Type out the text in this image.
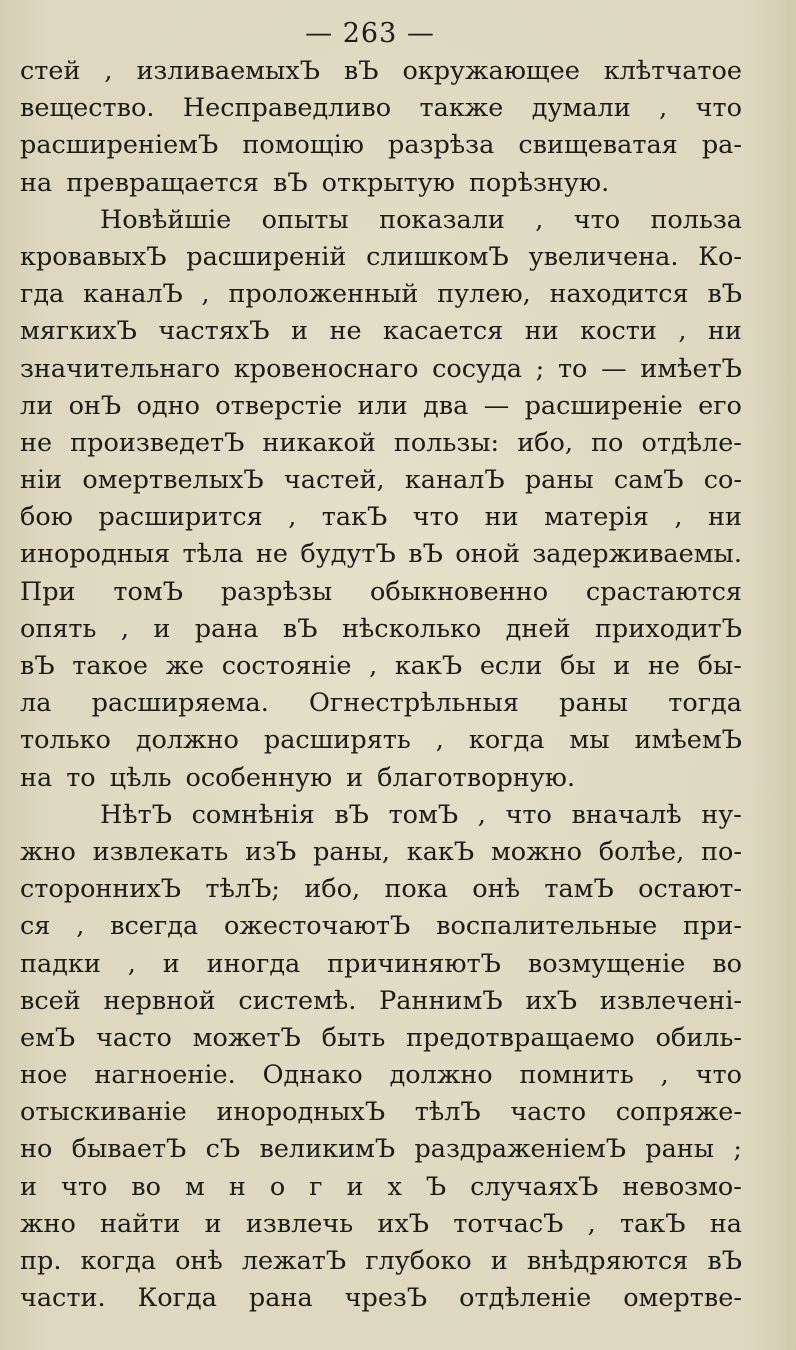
— 263 —
стей , изливаемыхЪ вЪ окружающее клѣтчатое
вещество. Несправедливо также думали , что
расширеніемЪ помощію разрѣза свищеватая ра-
на превращается вЪ открытую порѣзную.
Новѣйшіе опыты показали , что польза
кровавыхЪ расширеній слишкомЪ увеличена. Ко-
гда каналЪ , проложенный пулею, находится вЪ
мягкихЪ частяхЪ и не касается ни кости , ни
значительнаго кровеноснаго сосуда ; то — имѣетЪ
ли онЪ одно отверстіе или два — расширеніе его
не произведетЪ никакой пользы: ибо, по отдѣле-
ніи омертвелыхЪ частей, каналЪ раны самЪ со-
бою расширится , такЪ что ни матерія , ни
инородныя тѣла не будутЪ вЪ оной задерживаемы.
При томЪ разрѣзы обыкновенно срастаются
опять , и рана вЪ нѣсколько дней приходитЪ
вЪ такое же состояніе , какЪ если бы и не бы-
ла расширяема. Огнестрѣльныя раны тогда
только должно расширять , когда мы имѣемЪ
на то цѣль особенную и благотворную.
НѣтЪ сомнѣнія вЪ томЪ , что вначалѣ ну-
жно извлекать изЪ раны, какЪ можно болѣе, по-
стороннихЪ тѣлЪ; ибо, пока онѣ тамЪ остают-
ся , всегда ожесточаютЪ воспалительные при-
падки , и иногда причиняютЪ возмущеніе во
всей нервной системѣ. РаннимЪ ихЪ извлечені-
емЪ часто можетЪ быть предотвращаемо обиль-
ное нагноеніе. Однако должно помнить , что
отыскиваніе инородныхЪ тѣлЪ часто сопряже-
но бываетЪ сЪ великимЪ раздраженіемЪ раны ;
и что во м н о г и х Ъ случаяхЪ невозмо-
жно найти и извлечь ихЪ тотчасЪ , такЪ на
пр. когда онѣ лежатЪ глубоко и внѣдряются вЪ
части. Когда рана чрезЪ отдѣленіе омертве-
